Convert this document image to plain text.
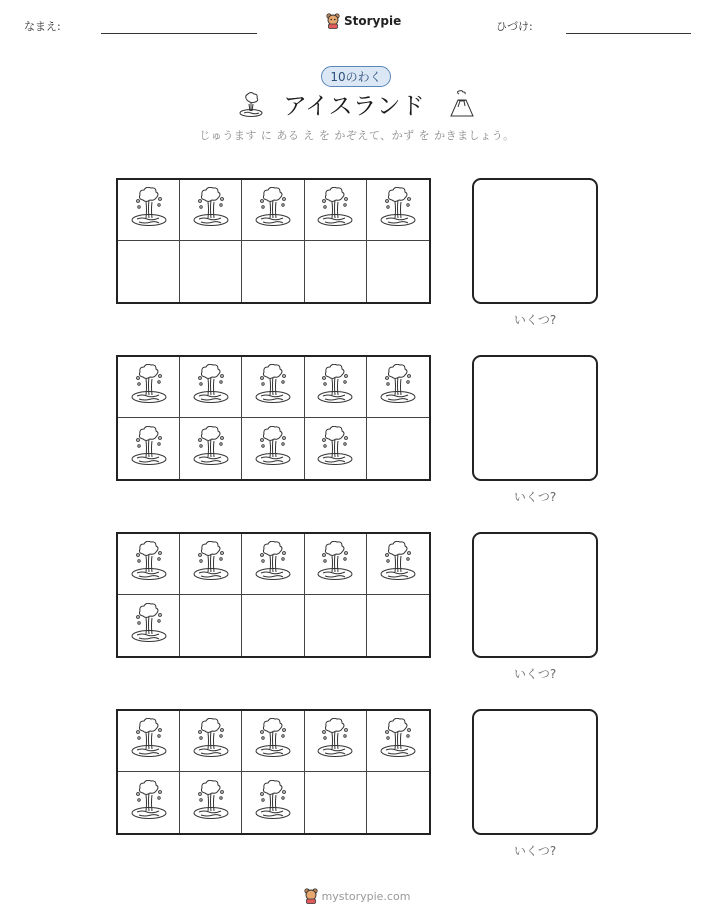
なまえ:	Storypie	ひづけ:
10のわく
アイスランド
じゅうます に ある え を かぞえて、かず を かきましょう。
いくつ?
いくつ?
いくつ?
いくつ?
mystorypie.com
